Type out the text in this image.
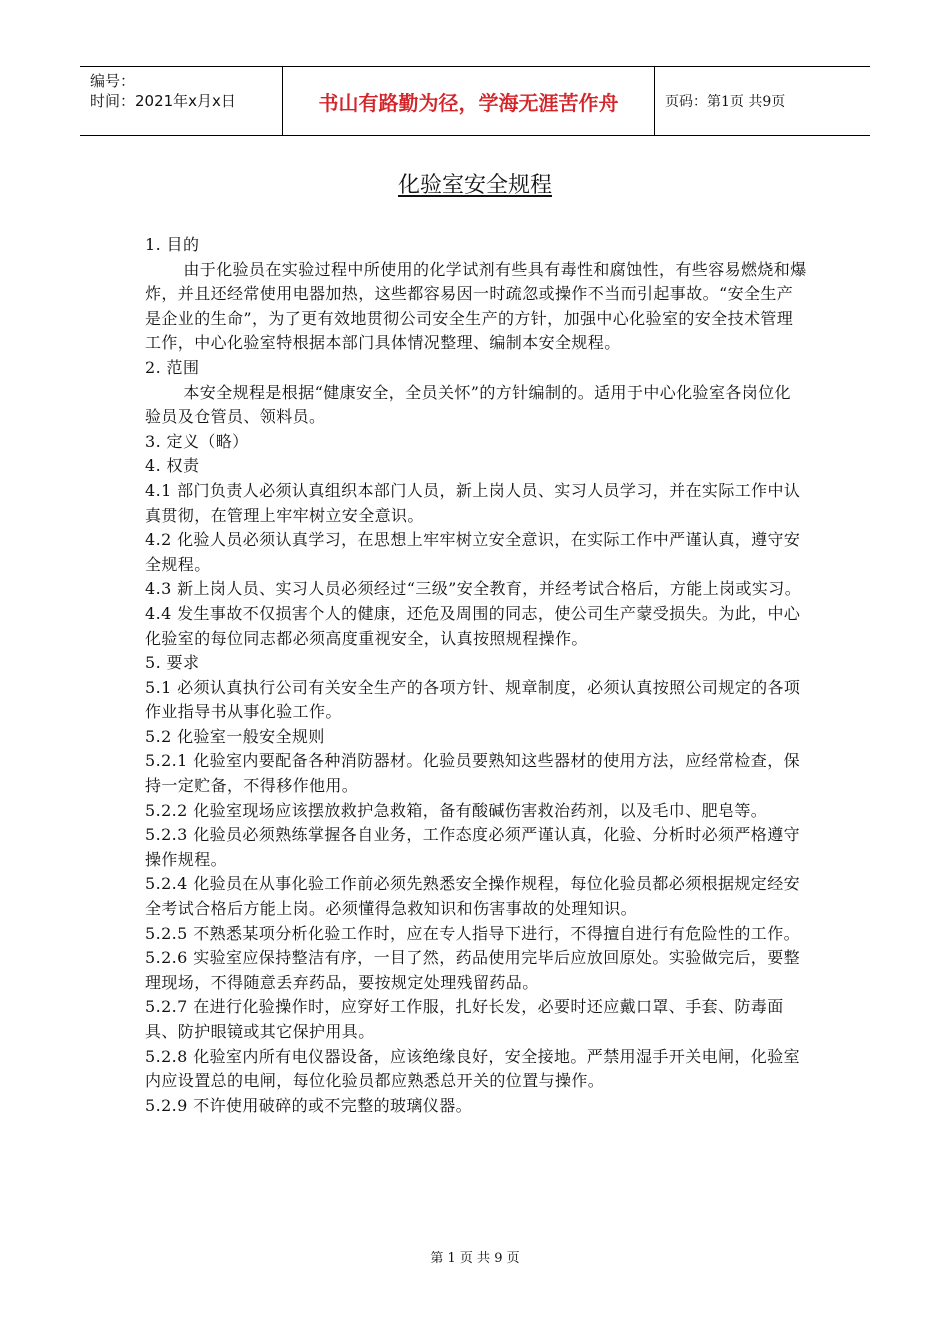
编号：
时间：2021年x月x日	书山有路勤为径，学海无涯苦作舟	页码：第1页 共9页
化验室安全规程

1. 目的

由于化验员在实验过程中所使用的化学试剂有些具有毒性和腐蚀性，有些容易燃烧和爆炸，并且还经常使用电器加热，这些都容易因一时疏忽或操作不当而引起事故。“安全生产是企业的生命”，为了更有效地贯彻公司安全生产的方针，加强中心化验室的安全技术管理工作，中心化验室特根据本部门具体情况整理、编制本安全规程。

2. 范围

本安全规程是根据“健康安全，全员关怀”的方针编制的。适用于中心化验室各岗位化验员及仓管员、领料员。

3. 定义（略）

4. 权责

4.1 部门负责人必须认真组织本部门人员，新上岗人员、实习人员学习，并在实际工作中认真贯彻，在管理上牢牢树立安全意识。

4.2 化验人员必须认真学习，在思想上牢牢树立安全意识，在实际工作中严谨认真，遵守安全规程。

4.3 新上岗人员、实习人员必须经过“三级”安全教育，并经考试合格后，方能上岗或实习。

4.4 发生事故不仅损害个人的健康，还危及周围的同志，使公司生产蒙受损失。为此，中心化验室的每位同志都必须高度重视安全，认真按照规程操作。

5. 要求

5.1 必须认真执行公司有关安全生产的各项方针、规章制度，必须认真按照公司规定的各项作业指导书从事化验工作。

5.2 化验室一般安全规则

5.2.1 化验室内要配备各种消防器材。化验员要熟知这些器材的使用方法，应经常检查，保持一定贮备，不得移作他用。

5.2.2 化验室现场应该摆放救护急救箱，备有酸碱伤害救治药剂，以及毛巾、肥皂等。

5.2.3 化验员必须熟练掌握各自业务，工作态度必须严谨认真，化验、分析时必须严格遵守操作规程。

5.2.4 化验员在从事化验工作前必须先熟悉安全操作规程，每位化验员都必须根据规定经安全考试合格后方能上岗。必须懂得急救知识和伤害事故的处理知识。

5.2.5 不熟悉某项分析化验工作时，应在专人指导下进行，不得擅自进行有危险性的工作。

5.2.6 实验室应保持整洁有序，一目了然，药品使用完毕后应放回原处。实验做完后，要整理现场，不得随意丢弃药品，要按规定处理残留药品。

5.2.7 在进行化验操作时，应穿好工作服，扎好长发，必要时还应戴口罩、手套、防毒面具、防护眼镜或其它保护用具。

5.2.8 化验室内所有电仪器设备，应该绝缘良好，安全接地。严禁用湿手开关电闸，化验室内应设置总的电闸，每位化验员都应熟悉总开关的位置与操作。

5.2.9 不许使用破碎的或不完整的玻璃仪器。

第 1 页 共 9 页
